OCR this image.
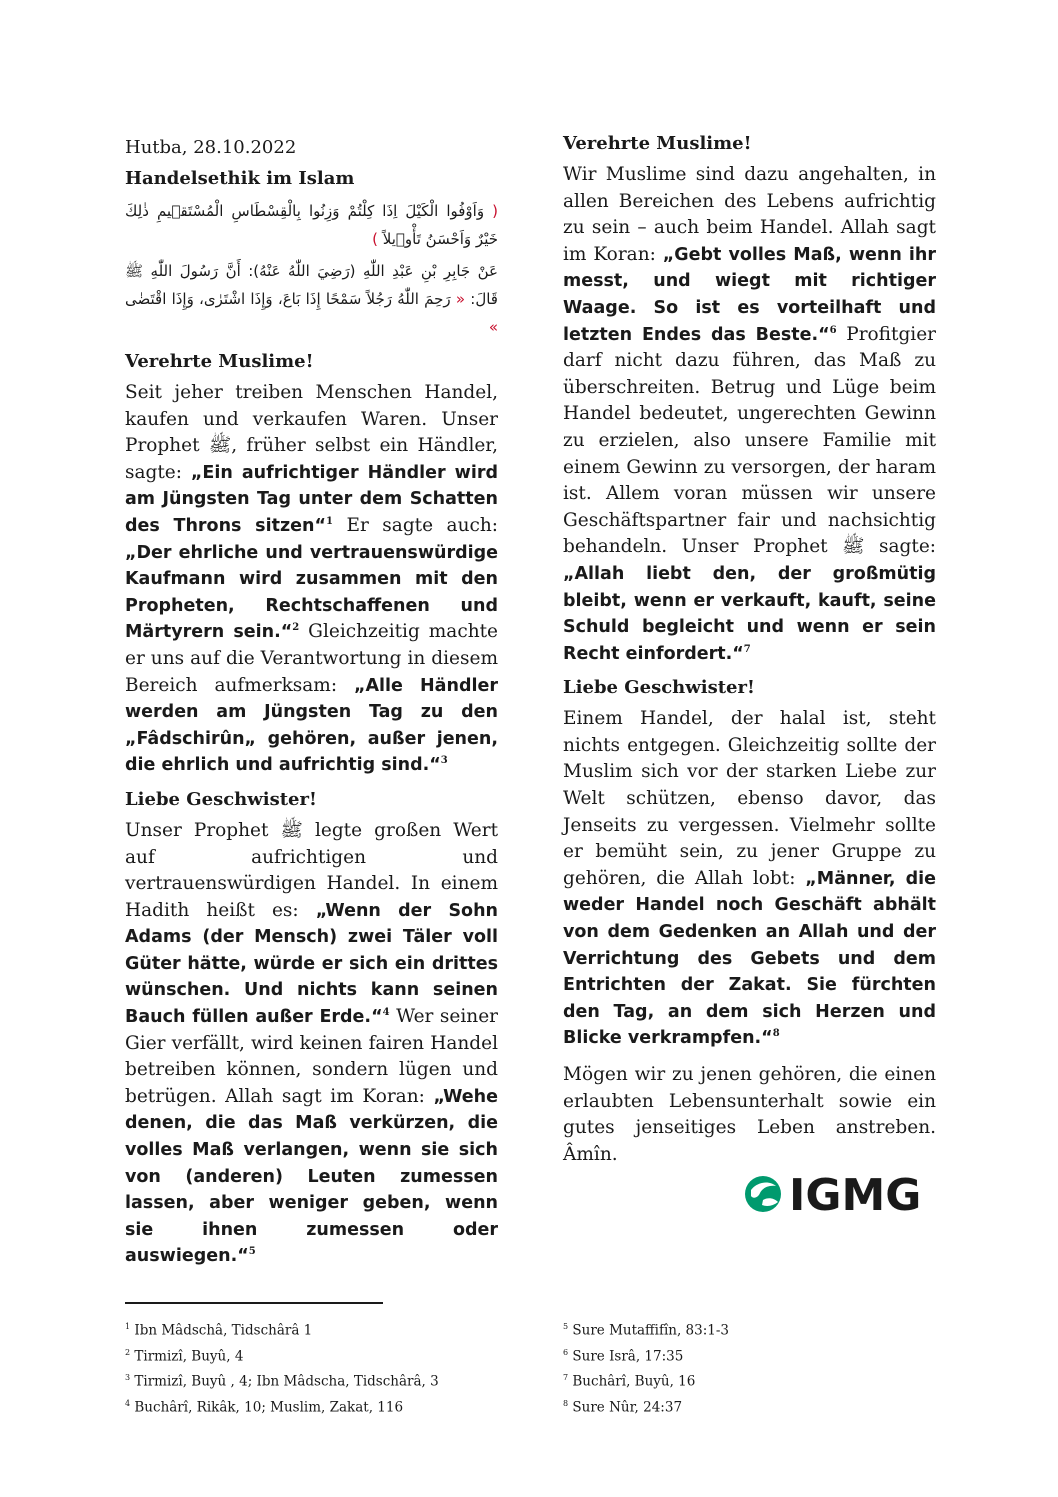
Hutba, 28.10.2022
Handelsethik im Islam
( وَاَوْفُوا الْكَيْلَ اِذَا كِلْتُمْ وَزِنُوا بِالْقِسْطَاسِ الْمُسْتَق۪يمِ ذٰلِكَ خَيْرٌ وَاَحْسَنُ تَأْو۪يلاً )
عَنْ جَابِرِ بْنِ عَبْدِ اللّٰهِ (رَضِيَ اللّٰهُ عَنْهُ): أَنَّ رَسُولَ اللّٰهِ ﷺ قَالَ: « رَحِمَ اللّٰهُ رَجُلاً سَمْحًا إِذَا بَاعَ، وَإِذَا اشْتَرٰى، وَإِذَا اقْتَضٰى »
Verehrte Muslime!

Seit jeher treiben Menschen Handel, kaufen und verkaufen Waren. Unser Prophet ﷺ, früher selbst ein Händler, sagte: „Ein aufrichtiger Händler wird am Jüngsten Tag unter dem Schatten des Throns sitzen“$^1$ Er sagte auch: „Der ehrliche und vertrauenswürdige Kaufmann wird zusammen mit den Propheten, Rechtschaffenen und Märtyrern sein.“$^2$ Gleichzeitig machte er uns auf die Verantwortung in diesem Bereich aufmerksam: „Alle Händler werden am Jüngsten Tag zu den „Fâdschirûn„ gehören, außer jenen, die ehrlich und aufrichtig sind.“$^3$

Liebe Geschwister!

Unser Prophet ﷺ legte großen Wert auf aufrichtigen und vertrauenswürdigen Handel. In einem Hadith heißt es: „Wenn der Sohn Adams (der Mensch) zwei Täler voll Güter hätte, würde er sich ein drittes wünschen. Und nichts kann seinen Bauch füllen außer Erde.“$^4$ Wer seiner Gier verfällt, wird keinen fairen Handel betreiben können, sondern lügen und betrügen. Allah sagt im Koran: „Wehe denen, die das Maß verkürzen, die volles Maß verlangen, wenn sie sich von (anderen) Leuten zumessen lassen, aber weniger geben, wenn sie ihnen zumessen oder auswiegen.“$^5$

Verehrte Muslime!

Wir Muslime sind dazu angehalten, in allen Bereichen des Lebens aufrichtig zu sein – auch beim Handel. Allah sagt im Koran: „Gebt volles Maß, wenn ihr messt, und wiegt mit richtiger Waage. So ist es vorteilhaft und letzten Endes das Beste.“$^6$ Profitgier darf nicht dazu führen, das Maß zu überschreiten. Betrug und Lüge beim Handel bedeutet, ungerechten Gewinn zu erzielen, also unsere Familie mit einem Gewinn zu versorgen, der haram ist. Allem voran müssen wir unsere Geschäftspartner fair und nachsichtig behandeln. Unser Prophet ﷺ sagte: „Allah liebt den, der großmütig bleibt, wenn er verkauft, kauft, seine Schuld begleicht und wenn er sein Recht einfordert.“$^7$

Liebe Geschwister!

Einem Handel, der halal ist, steht nichts entgegen. Gleichzeitig sollte der Muslim sich vor der starken Liebe zur Welt schützen, ebenso davor, das Jenseits zu vergessen. Vielmehr sollte er bemüht sein, zu jener Gruppe zu gehören, die Allah lobt: „Männer, die weder Handel noch Geschäft abhält von dem Gedenken an Allah und der Verrichtung des Gebets und dem Entrichten der Zakat. Sie fürchten den Tag, an dem sich Herzen und Blicke verkrampfen.“$^8$

Mögen wir zu jenen gehören, die einen erlaubten Lebensunterhalt sowie ein gutes jenseitiges Leben anstreben. Âmîn.

IGMG
$^1$ Ibn Mâdschâ, Tidschârâ 1
$^2$ Tirmizî, Buyû, 4
$^3$ Tirmizî, Buyû , 4; Ibn Mâdscha, Tidschârâ, 3
$^4$ Buchârî, Rikâk, 10; Muslim, Zakat, 116
$^5$ Sure Mutaffifîn, 83:1-3
$^6$ Sure Isrâ, 17:35
$^7$ Buchârî, Buyû, 16
$^8$ Sure Nûr, 24:37
